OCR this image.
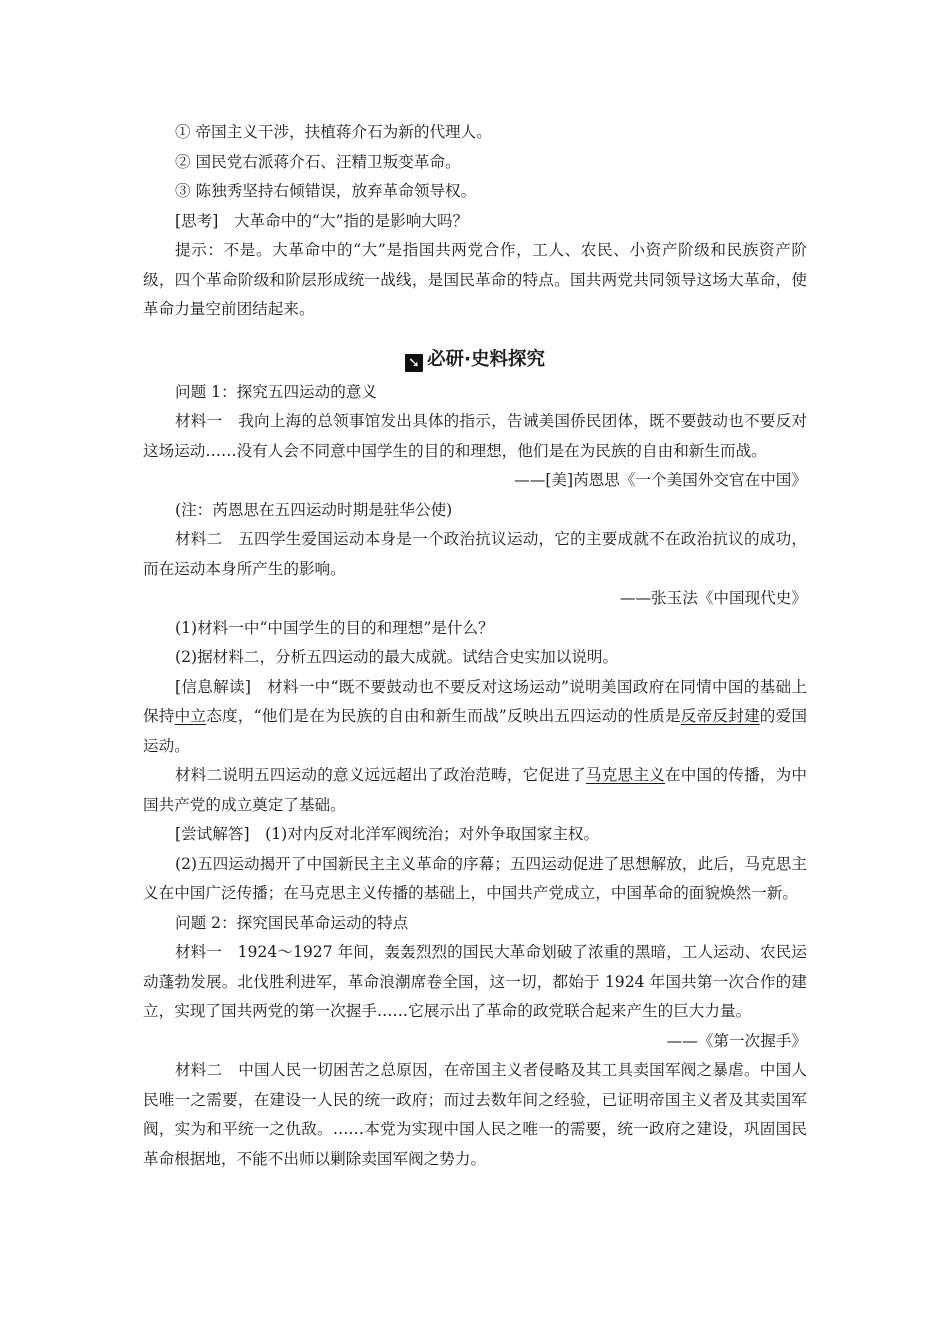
① 帝国主义干涉，扶植蒋介石为新的代理人。

② 国民党右派蒋介石、汪精卫叛变革命。

③ 陈独秀坚持右倾错误，放弃革命领导权。

[思考]　大革命中的“大”指的是影响大吗？

提示：不是。大革命中的“大”是指国共两党合作，工人、农民、小资产阶级和民族资产阶级，四个革命阶级和阶层形成统一战线，是国民革命的特点。国共两党共同领导这场大革命，使革命力量空前团结起来。

➘ 必研·史料探究

问题 1：探究五四运动的意义

材料一　我向上海的总领事馆发出具体的指示，告诫美国侨民团体，既不要鼓动也不要反对这场运动……没有人会不同意中国学生的目的和理想，他们是在为民族的自由和新生而战。

——[美]芮恩思《一个美国外交官在中国》

(注：芮恩思在五四运动时期是驻华公使)

材料二　五四学生爱国运动本身是一个政治抗议运动，它的主要成就不在政治抗议的成功，而在运动本身所产生的影响。

——张玉法《中国现代史》

(1)材料一中“中国学生的目的和理想”是什么？

(2)据材料二，分析五四运动的最大成就。试结合史实加以说明。

[信息解读]　材料一中“既不要鼓动也不要反对这场运动”说明美国政府在同情中国的基础上保持中立态度，“他们是在为民族的自由和新生而战”反映出五四运动的性质是反帝反封建的爱国运动。

材料二说明五四运动的意义远远超出了政治范畴，它促进了马克思主义在中国的传播，为中国共产党的成立奠定了基础。

[尝试解答]　(1)对内反对北洋军阀统治；对外争取国家主权。

(2)五四运动揭开了中国新民主主义革命的序幕；五四运动促进了思想解放，此后，马克思主义在中国广泛传播；在马克思主义传播的基础上，中国共产党成立，中国革命的面貌焕然一新。

问题 2：探究国民革命运动的特点

材料一　1924～1927 年间，轰轰烈烈的国民大革命划破了浓重的黑暗，工人运动、农民运动蓬勃发展。北伐胜利进军，革命浪潮席卷全国，这一切，都始于 1924 年国共第一次合作的建立，实现了国共两党的第一次握手……它展示出了革命的政党联合起来产生的巨大力量。

——《第一次握手》

材料二　中国人民一切困苦之总原因，在帝国主义者侵略及其工具卖国军阀之暴虐。中国人民唯一之需要，在建设一人民的统一政府；而过去数年间之经验，已证明帝国主义者及其卖国军阀，实为和平统一之仇敌。……本党为实现中国人民之唯一的需要，统一政府之建设，巩固国民革命根据地，不能不出师以剿除卖国军阀之势力。
